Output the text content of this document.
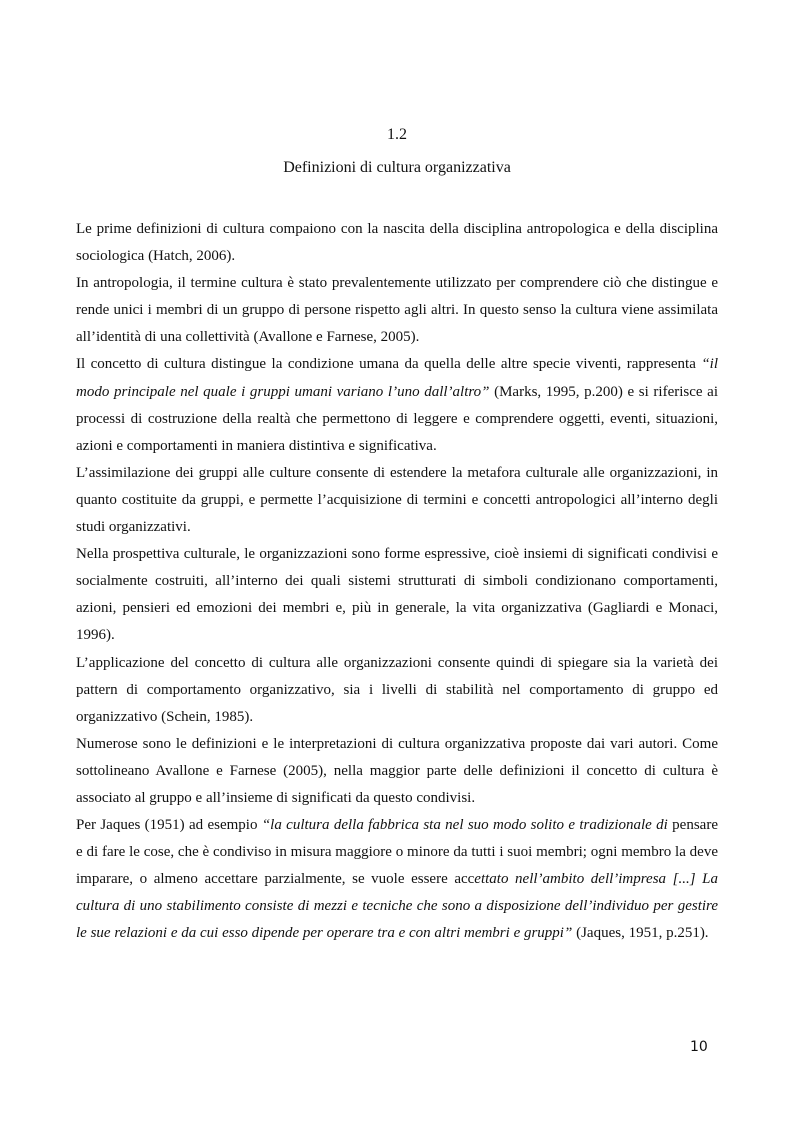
1.2
Definizioni di cultura organizzativa

Le prime definizioni di cultura compaiono con la nascita della disciplina antropologica e della disciplina sociologica (Hatch, 2006).

In antropologia, il termine cultura è stato prevalentemente utilizzato per comprendere ciò che distingue e rende unici i membri di un gruppo di persone rispetto agli altri. In questo senso la cultura viene assimilata all’identità di una collettività (Avallone e Farnese, 2005).

Il concetto di cultura distingue la condizione umana da quella delle altre specie viventi, rappresenta “il modo principale nel quale i gruppi umani variano l’uno dall’altro” (Marks, 1995, p.200) e si riferisce ai processi di costruzione della realtà che permettono di leggere e comprendere oggetti, eventi, situazioni, azioni e comportamenti in maniera distintiva e significativa.

L’assimilazione dei gruppi alle culture consente di estendere la metafora culturale alle organizzazioni, in quanto costituite da gruppi, e permette l’acquisizione di termini e concetti antropologici all’interno degli studi organizzativi.

Nella prospettiva culturale, le organizzazioni sono forme espressive, cioè insiemi di significati condivisi e socialmente costruiti, all’interno dei quali sistemi strutturati di simboli condizionano comportamenti, azioni, pensieri ed emozioni dei membri e, più in generale, la vita organizzativa (Gagliardi e Monaci, 1996).

L’applicazione del concetto di cultura alle organizzazioni consente quindi di spiegare sia la varietà dei pattern di comportamento organizzativo, sia i livelli di stabilità nel comportamento di gruppo ed organizzativo (Schein, 1985).

Numerose sono le definizioni e le interpretazioni di cultura organizzativa proposte dai vari autori. Come sottolineano Avallone e Farnese (2005), nella maggior parte delle definizioni il concetto di cultura è associato al gruppo e all’insieme di significati da questo condivisi.

Per Jaques (1951) ad esempio “la cultura della fabbrica sta nel suo modo solito e tradizionale di pensare e di fare le cose, che è condiviso in misura maggiore o minore da tutti i suoi membri; ogni membro la deve imparare, o almeno accettare parzialmente, se vuole essere accettato nell’ambito dell’impresa [...] La cultura di uno stabilimento consiste di mezzi e tecniche che sono a disposizione dell’individuo per gestire le sue relazioni e da cui esso dipende per operare tra e con altri membri e gruppi” (Jaques, 1951, p.251).

10
